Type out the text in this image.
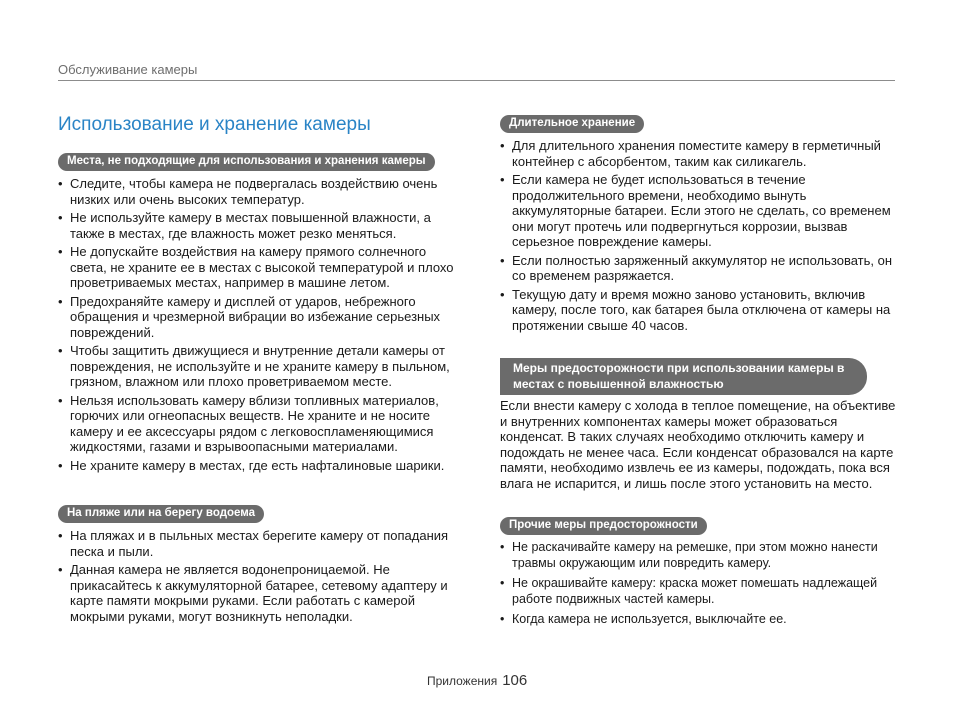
Обслуживание камеры
Использование и хранение камеры
Места, не подходящие для использования и хранения камеры
• Следите, чтобы камера не подвергалась воздействию очень низких или очень высоких температур.
• Не используйте камеру в местах повышенной влажности, а также в местах, где влажность может резко меняться.
• Не допускайте воздействия на камеру прямого солнечного света, не храните ее в местах с высокой температурой и плохо проветриваемых местах, например в машине летом.
• Предохраняйте камеру и дисплей от ударов, небрежного обращения и чрезмерной вибрации во избежание серьезных повреждений.
• Чтобы защитить движущиеся и внутренние детали камеры от повреждения, не используйте и не храните камеру в пыльном, грязном, влажном или плохо проветриваемом месте.
• Нельзя использовать камеру вблизи топливных материалов, горючих или огнеопасных веществ. Не храните и не носите камеру и ее аксессуары рядом с легковоспламеняющимися жидкостями, газами и взрывоопасными материалами.
• Не храните камеру в местах, где есть нафталиновые шарики.
На пляже или на берегу водоема
• На пляжах и в пыльных местах берегите камеру от попадания песка и пыли.
• Данная камера не является водонепроницаемой. Не прикасайтесь к аккумуляторной батарее, сетевому адаптеру и карте памяти мокрыми руками. Если работать с камерой мокрыми руками, могут возникнуть неполадки.
Длительное хранение
• Для длительного хранения поместите камеру в герметичный контейнер с абсорбентом, таким как силикагель.
• Если камера не будет использоваться в течение продолжительного времени, необходимо вынуть аккумуляторные батареи. Если этого не сделать, со временем они могут протечь или подвергнуться коррозии, вызвав серьезное повреждение камеры.
• Если полностью заряженный аккумулятор не использовать, он со временем разряжается.
• Текущую дату и время можно заново установить, включив камеру, после того, как батарея была отключена от камеры на протяжении свыше 40 часов.
Меры предосторожности при использовании камеры в местах с повышенной влажностью
Если внести камеру с холода в теплое помещение, на объективе и внутренних компонентах камеры может образоваться конденсат. В таких случаях необходимо отключить камеру и подождать не менее часа. Если конденсат образовался на карте памяти, необходимо извлечь ее из камеры, подождать, пока вся влага не испарится, и лишь после этого установить на место.
Прочие меры предосторожности
• Не раскачивайте камеру на ремешке, при этом можно нанести травмы окружающим или повредить камеру.
• Не окрашивайте камеру: краска может помешать надлежащей работе подвижных частей камеры.
• Когда камера не используется, выключайте ее.
Приложения 106
